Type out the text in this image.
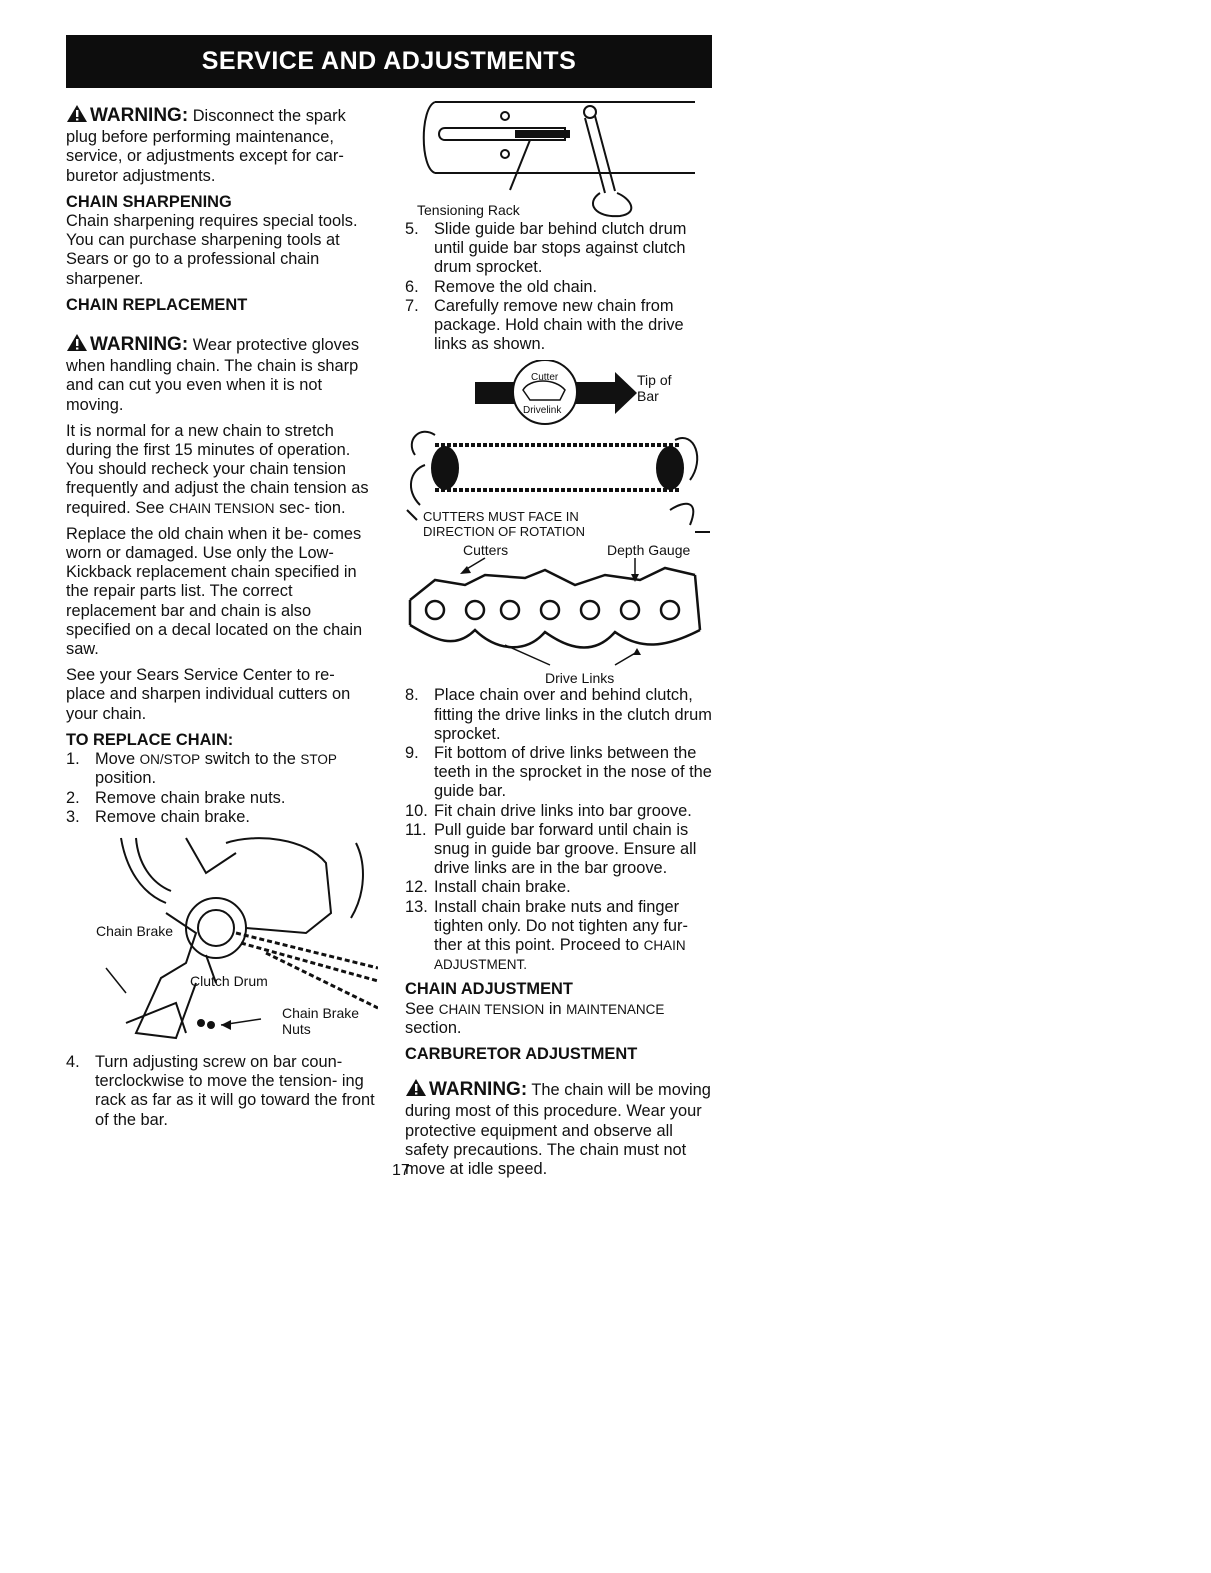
SERVICE AND ADJUSTMENTS

WARNING: Disconnect the spark plug before performing maintenance, service, or adjustments except for car- buretor adjustments.

CHAIN SHARPENING

Chain sharpening requires special tools. You can purchase sharpening tools at Sears or go to a professional chain sharpener.

CHAIN REPLACEMENT

WARNING: Wear protective gloves when handling chain. The chain is sharp and can cut you even when it is not moving.

It is normal for a new chain to stretch during the first 15 minutes of operation. You should recheck your chain tension frequently and adjust the chain tension as required. See CHAIN TENSION sec- tion.

Replace the old chain when it be- comes worn or damaged. Use only the Low-Kickback replacement chain specified in the repair parts list. The correct replacement bar and chain is also specified on a decal located on the chain saw.

See your Sears Service Center to re- place and sharpen individual cutters on your chain.

TO REPLACE CHAIN:
1. Move ON/STOP switch to the STOP position.
2. Remove chain brake nuts.
3. Remove chain brake.
Chain Brake
Clutch Drum
Chain Brake
Nuts
4. Turn adjusting screw on bar coun- terclockwise to move the tension- ing rack as far as it will go toward the front of the bar.
Tensioning Rack
5. Slide guide bar behind clutch drum until guide bar stops against clutch drum sprocket.
6. Remove the old chain.
7. Carefully remove new chain from package. Hold chain with the drive links as shown.
Cutter
Drivelink
Tip of
Bar
CUTTERS MUST FACE IN
DIRECTION OF ROTATION
Cutters	Depth Gauge
Drive Links
8. Place chain over and behind clutch, fitting the drive links in the clutch drum sprocket.
9. Fit bottom of drive links between the teeth in the sprocket in the nose of the guide bar.
10. Fit chain drive links into bar groove.
11. Pull guide bar forward until chain is snug in guide bar groove. Ensure all drive links are in the bar groove.
12. Install chain brake.
13. Install chain brake nuts and finger tighten only. Do not tighten any fur- ther at this point. Proceed to CHAIN ADJUSTMENT.
CHAIN ADJUSTMENT

See CHAIN TENSION in MAINTENANCE section.

CARBURETOR ADJUSTMENT

WARNING: The chain will be moving during most of this procedure. Wear your protective equipment and observe all safety precautions. The chain must not move at idle speed.

17
